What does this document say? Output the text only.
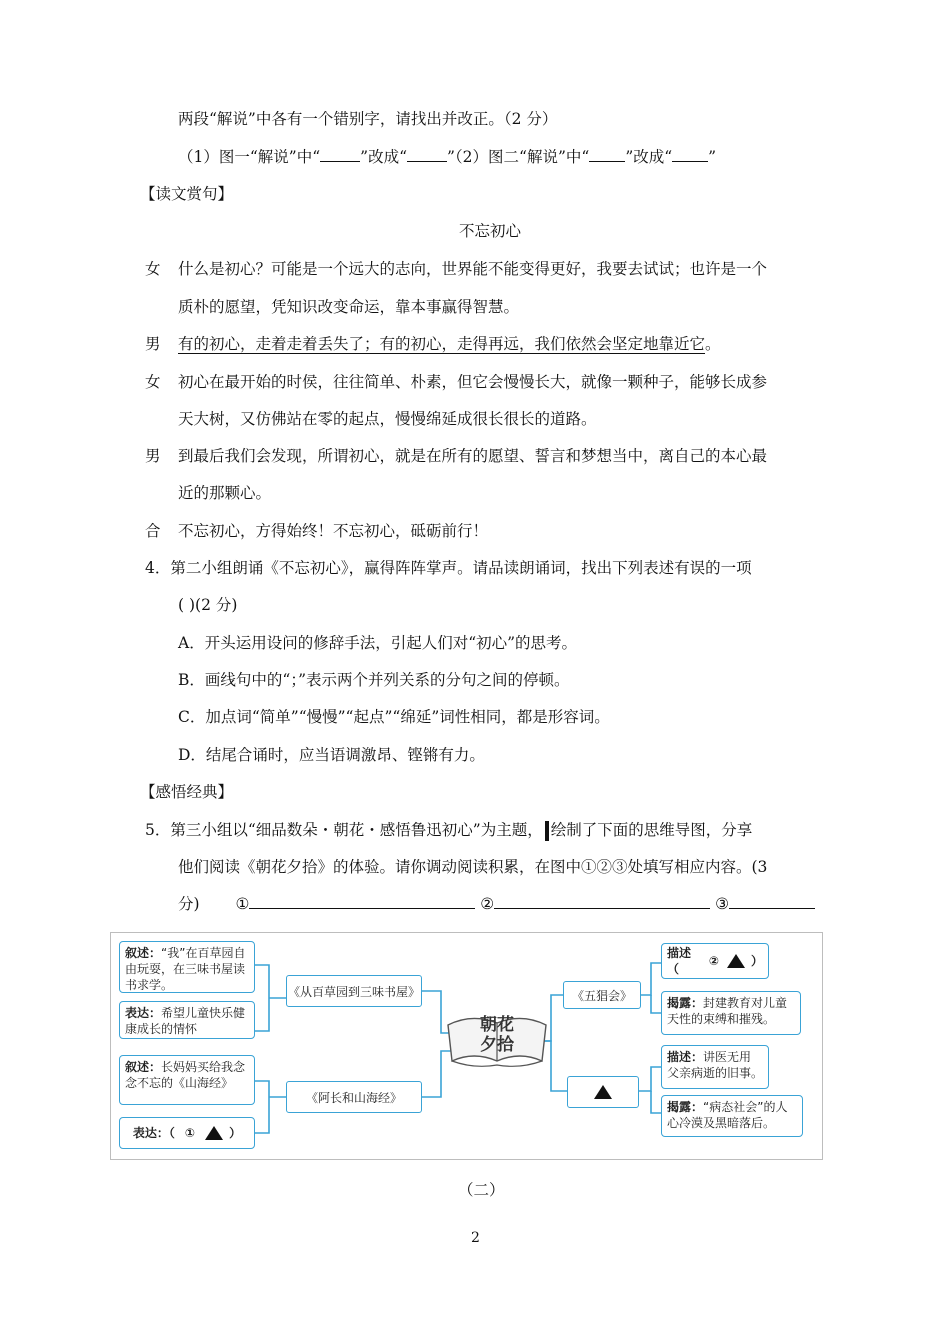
两段“解说”中各有一个错别字，请找出并改正。（2 分）
（1）图一“解说”中“	”改成“	”（2）图二“解说”中“ ”改成“ ”
【读文赏句】
不忘初心
女 什么是初心？可能是一个远大的志向，世界能不能变得更好，我要去试试；也许是一个
质朴的愿望，凭知识改变命运，靠本事赢得智慧。
男 有的初心，走着走着丢失了；有的初心，走得再远，我们依然会坚定地靠近它。
女 初心在最开始的时侯，往往简单、朴素，但它会慢慢长大，就像一颗种子，能够长成参
天大树，又仿佛站在零的起点，慢慢绵延成很长很长的道路。
男 到最后我们会发现，所谓初心，就是在所有的愿望、誓言和梦想当中，离自己的本心最
近的那颗心。
合 不忘初心，方得始终！不忘初心，砥砺前行！
4．第二小组朗诵《不忘初心》，赢得阵阵掌声。请品读朗诵词，找出下列表述有误的一项
( )(2 分)
A．开头运用设问的修辞手法，引起人们对“初心”的思考。
B．画线句中的“；”表示两个并列关系的分句之间的停顿。
C．加点词“简单”“慢慢”“起点”“绵延”词性相同，都是形容词。
D．结尾合诵时，应当语调激昂、铿锵有力。
【感悟经典】
5．第三小组以“细品数朵・朝花・感悟鲁迅初心”为主题， 绘制了下面的思维导图，分享
他们阅读《朝花夕拾》的体验。请你调动阅读积累，在图中①②③处填写相应内容。(3
分) ①	②	③
叙述：“我”在百草园自由玩耍，在三味书屋读书求学。
表达：希望儿童快乐健康成长的情怀
叙述：长妈妈买给我念念不忘的《山海经》
表达：（ ①	）
《从百草园到三味书屋》
《阿长和山海经》
朝花
夕拾
《五猖会》
描述（
②	）
揭露：封建教育对儿童天性的束缚和摧残。
描述：讲医无用父亲病逝的旧事。
揭露：“病态社会”的人心冷漠及黑暗落后。
（二）
2
